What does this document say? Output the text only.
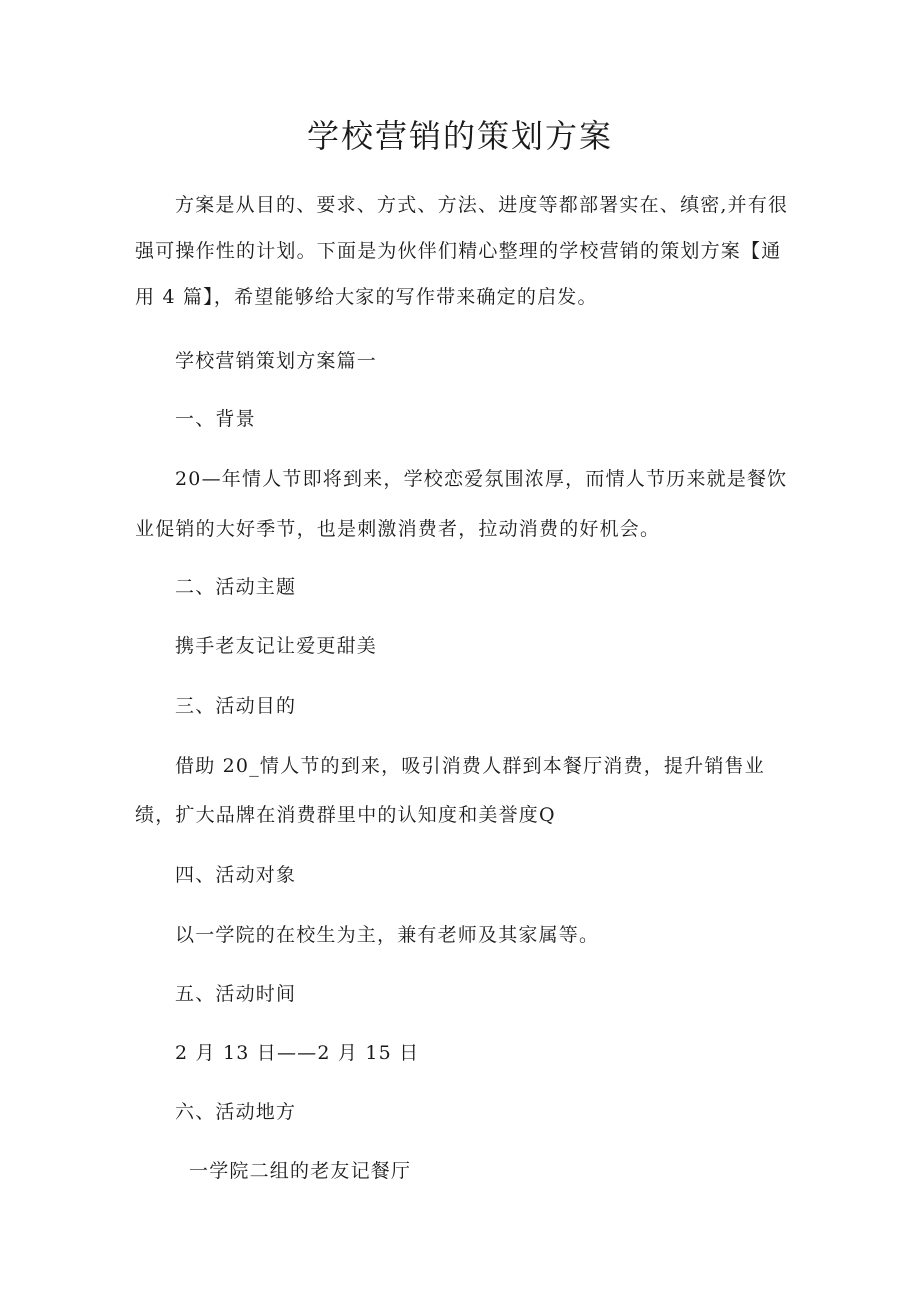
学校营销的策划方案

方案是从目的、要求、方式、方法、进度等都部署实在、缜密,并有很

强可操作性的计划。下面是为伙伴们精心整理的学校营销的策划方案【通

用 4 篇】，希望能够给大家的写作带来确定的启发。

学校营销策划方案篇一

一、背景

20—年情人节即将到来，学校恋爱氛围浓厚，而情人节历来就是餐饮

业促销的大好季节，也是刺激消费者，拉动消费的好机会。

二、活动主题

携手老友记让爱更甜美

三、活动目的

借助 20_情人节的到来，吸引消费人群到本餐厅消费，提升销售业

绩，扩大品牌在消费群里中的认知度和美誉度Q

四、活动对象

以一学院的在校生为主，兼有老师及其家属等。

五、活动时间

2 月 13 日——2 月 15 日

六、活动地方

一学院二组的老友记餐厅
